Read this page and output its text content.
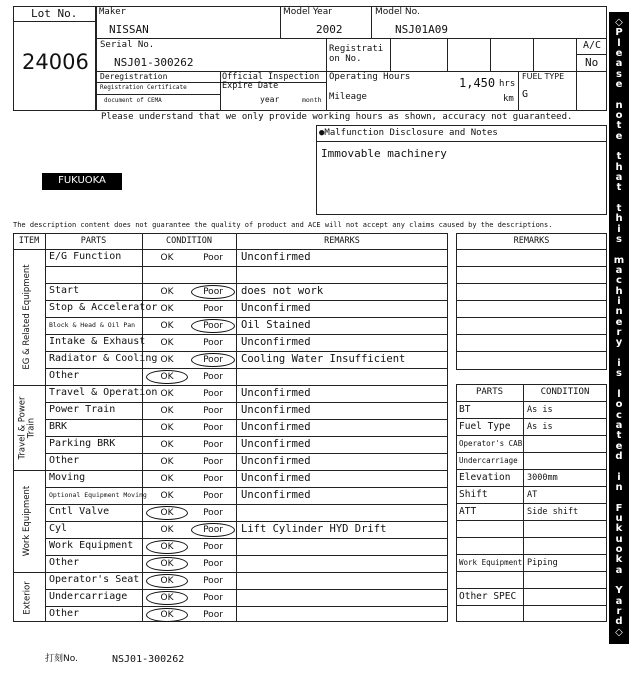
Lot No.
24006
Maker
NISSAN
Model Year
2002
Model No.
NSJ01A09
Serial No.
NSJ01-300262
Registrati
on No.
A/C
No
Deregistration
Registration Certificate
document of CEMA
Official Inspection
Expire Date
year	month
Operating Hours	1,450 hrs
Mileage	km
FUEL TYPE
G
Please understand that we only provide working hours as shown, accuracy not guaranteed.
●Malfunction Disclosure and Notes
Immovable machinery
FUKUOKA
The description content does not guarantee the quality of product and ACE will not accept any claims caused by the descriptions.
ITEM	PARTS	CONDITION	REMARKS
E/G Function	OK	Poor	Unconfirmed
Start	OK	Poor	does not work
Stop & Accelerator OK	Poor	Unconfirmed
Block & Head & Oil Pan	OK	Poor	Oil Stained
Intake & Exhaust	OK	Poor	Unconfirmed
Radiator & Cooling OK	Poor	Cooling Water Insufficient
Other	OK	Poor
EG & Related Equipment
Travel & Operation OK	Poor	Unconfirmed
Power Train	OK	Poor	Unconfirmed
BRK	OK	Poor	Unconfirmed
Parking BRK	OK	Poor	Unconfirmed
Other	OK	Poor	Unconfirmed
Travel & Power Train
Moving	OK	Poor	Unconfirmed
Optional Equipment Moving	OK	Poor	Unconfirmed
Cntl Valve	OK	Poor
Cyl	OK	Poor	Lift Cylinder HYD Drift
Work Equipment	OK	Poor
Other	OK	Poor
Work Equipment
Operator's Seat	OK	Poor
Undercarriage	OK	Poor
Other	OK	Poor
Exterior
REMARKS
PARTS	CONDITION
BT	As is
Fuel Type As is
Operator's CAB
Undercarriage
Elevation 3000mm
Shift	AT
ATT	Side shift
Work Equipment Piping
Other SPEC
◇
P
l
e
a
s
e
n
o
t
e
t
h
a
t
t
h
i
s
m
a
c
h
i
n
e
r
y
i
s
l
o
c
a
t
e
d
i
n
F
u
k
u
o
k
a
Y
a
r
d
◇
打刻No.	NSJ01-300262
